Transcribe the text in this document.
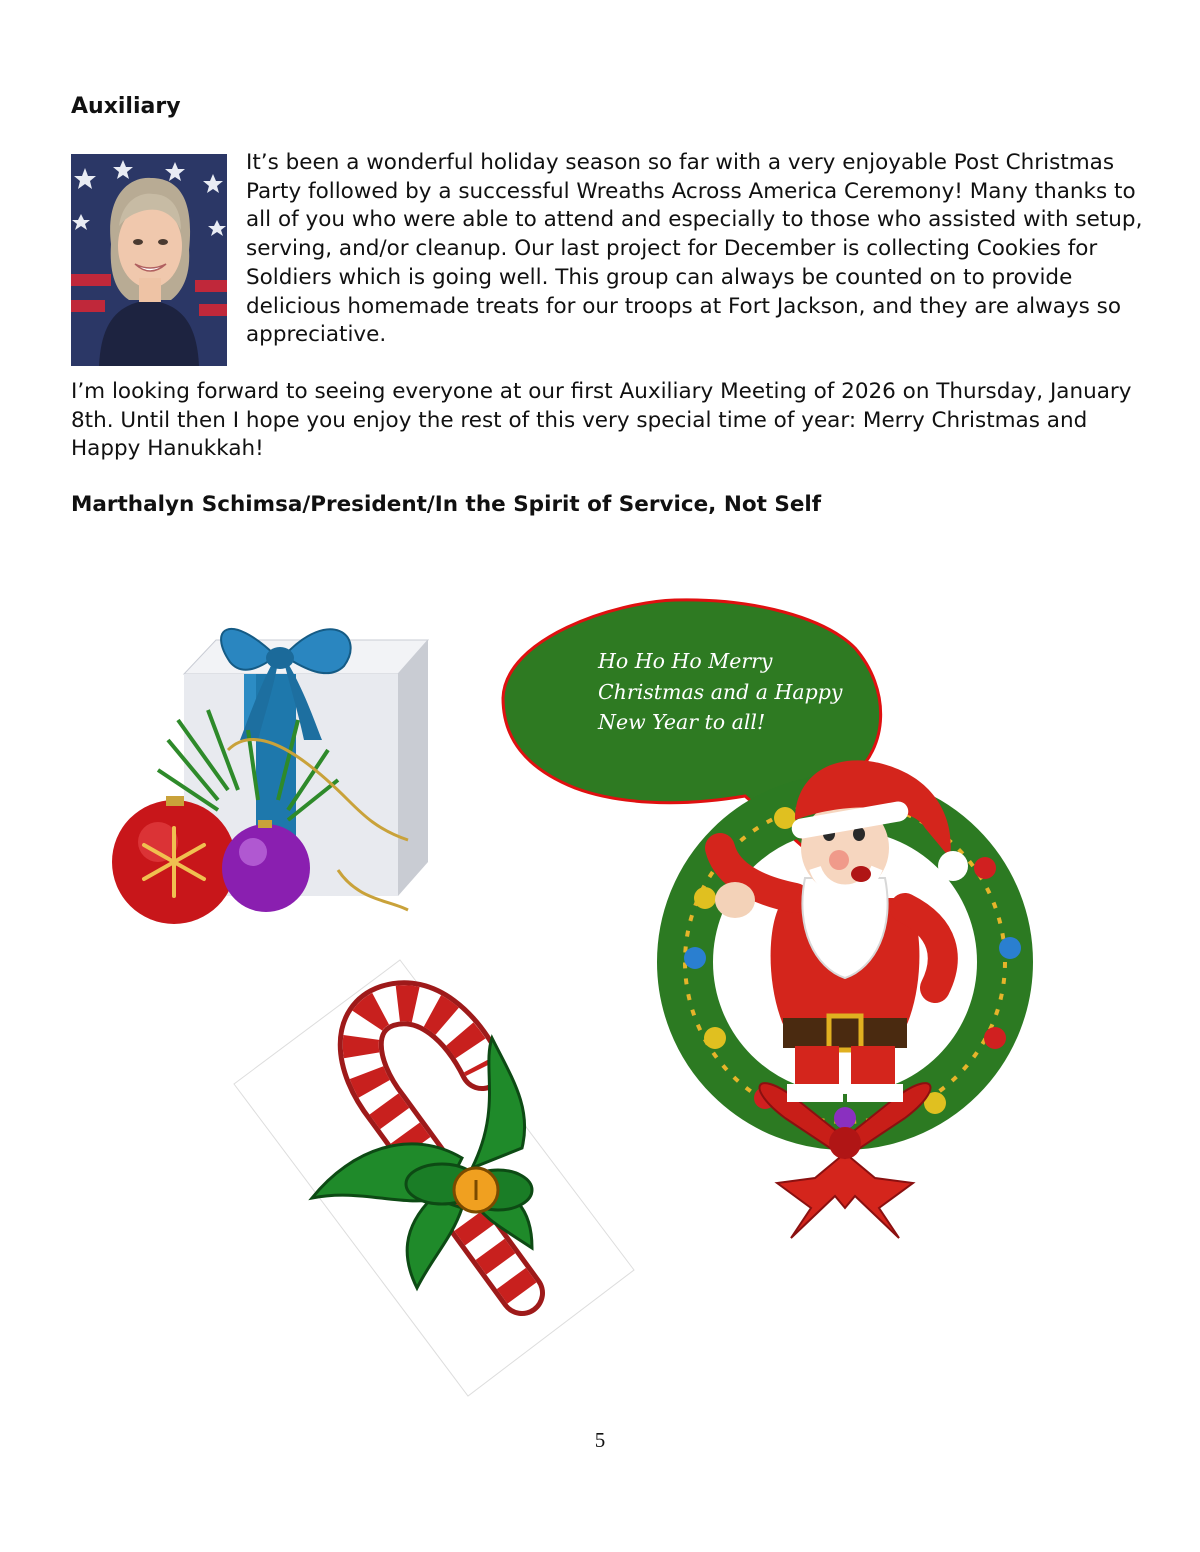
Auxiliary

It’s been a wonderful holiday season so far with a very enjoyable Post Christmas Party followed by a successful Wreaths Across America Ceremony! Many thanks to all of you who were able to attend and especially to those who assisted with setup, serving, and/or cleanup. Our last project for December is collecting Cookies for Soldiers which is going well. This group can always be counted on to provide delicious homemade treats for our troops at Fort Jackson, and they are always so appreciative.

I’m looking forward to seeing everyone at our first Auxiliary Meeting of 2026 on Thursday, January 8th. Until then I hope you enjoy the rest of this very special time of year: Merry Christmas and Happy Hanukkah!

Marthalyn Schimsa/President/In the Spirit of Service, Not Self

Ho Ho Ho Merry Christmas and a Happy New Year to all!

5
